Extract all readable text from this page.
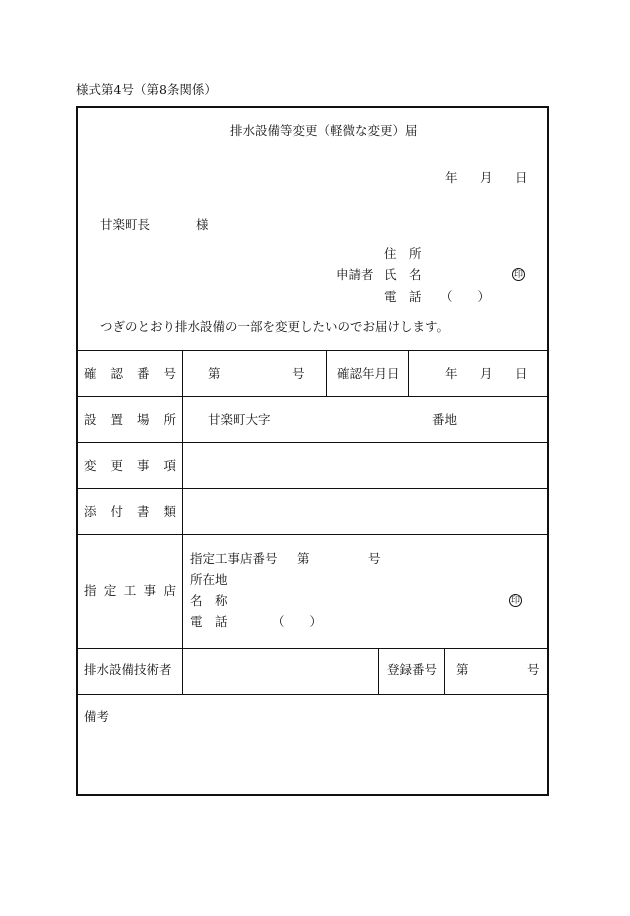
様式第4号（第8条関係）
排水設備等変更（軽微な変更）届
年 月 日
甘楽町長	様
住　所
申請者 氏　名	印
電　話 （　　）
つぎのとおり排水設備の一部を変更したいのでお届けします。
確 認 番 号	第	号	確認年月日	年 月 日
設 置 場 所	甘楽町大字	番地
変 更 事 項
添 付 書 類
指 定 工 事 店
指定工事店番号 第	号
所在地
名　称	印
電　話	（　　）
排水設備技術者	登録番号 第	号
備考
